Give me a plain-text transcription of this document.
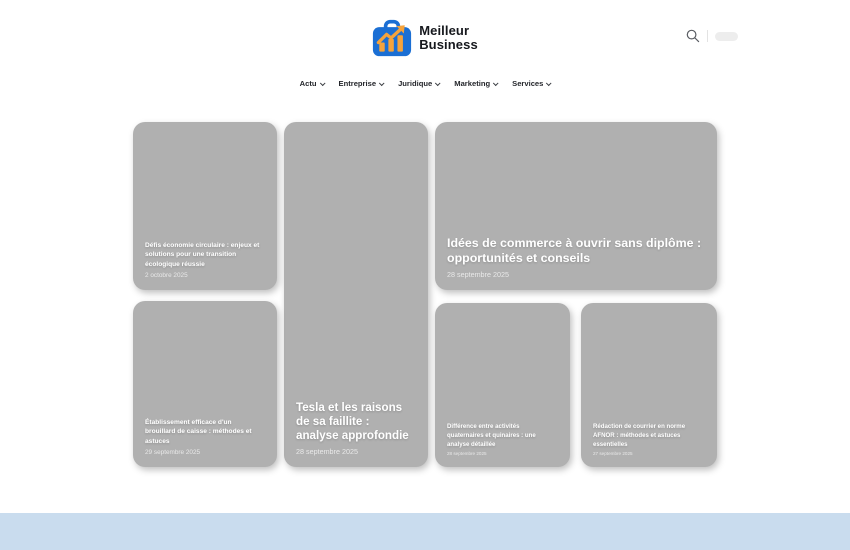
Meilleur
Business
Actu	Entreprise	Juridique	Marketing	Services
Défis économie circulaire : enjeux et solutions pour une transition écologique réussie
2 octobre 2025
Tesla et les raisons de sa faillite : analyse approfondie
28 septembre 2025
Idées de commerce à ouvrir sans diplôme : opportunités et conseils
28 septembre 2025
Établissement efficace d'un brouillard de caisse : méthodes et astuces
29 septembre 2025
Différence entre activités quaternaires et quinaires : une analyse détaillée
28 septembre 2025
Rédaction de courrier en norme AFNOR : méthodes et astuces essentielles
27 septembre 2025
